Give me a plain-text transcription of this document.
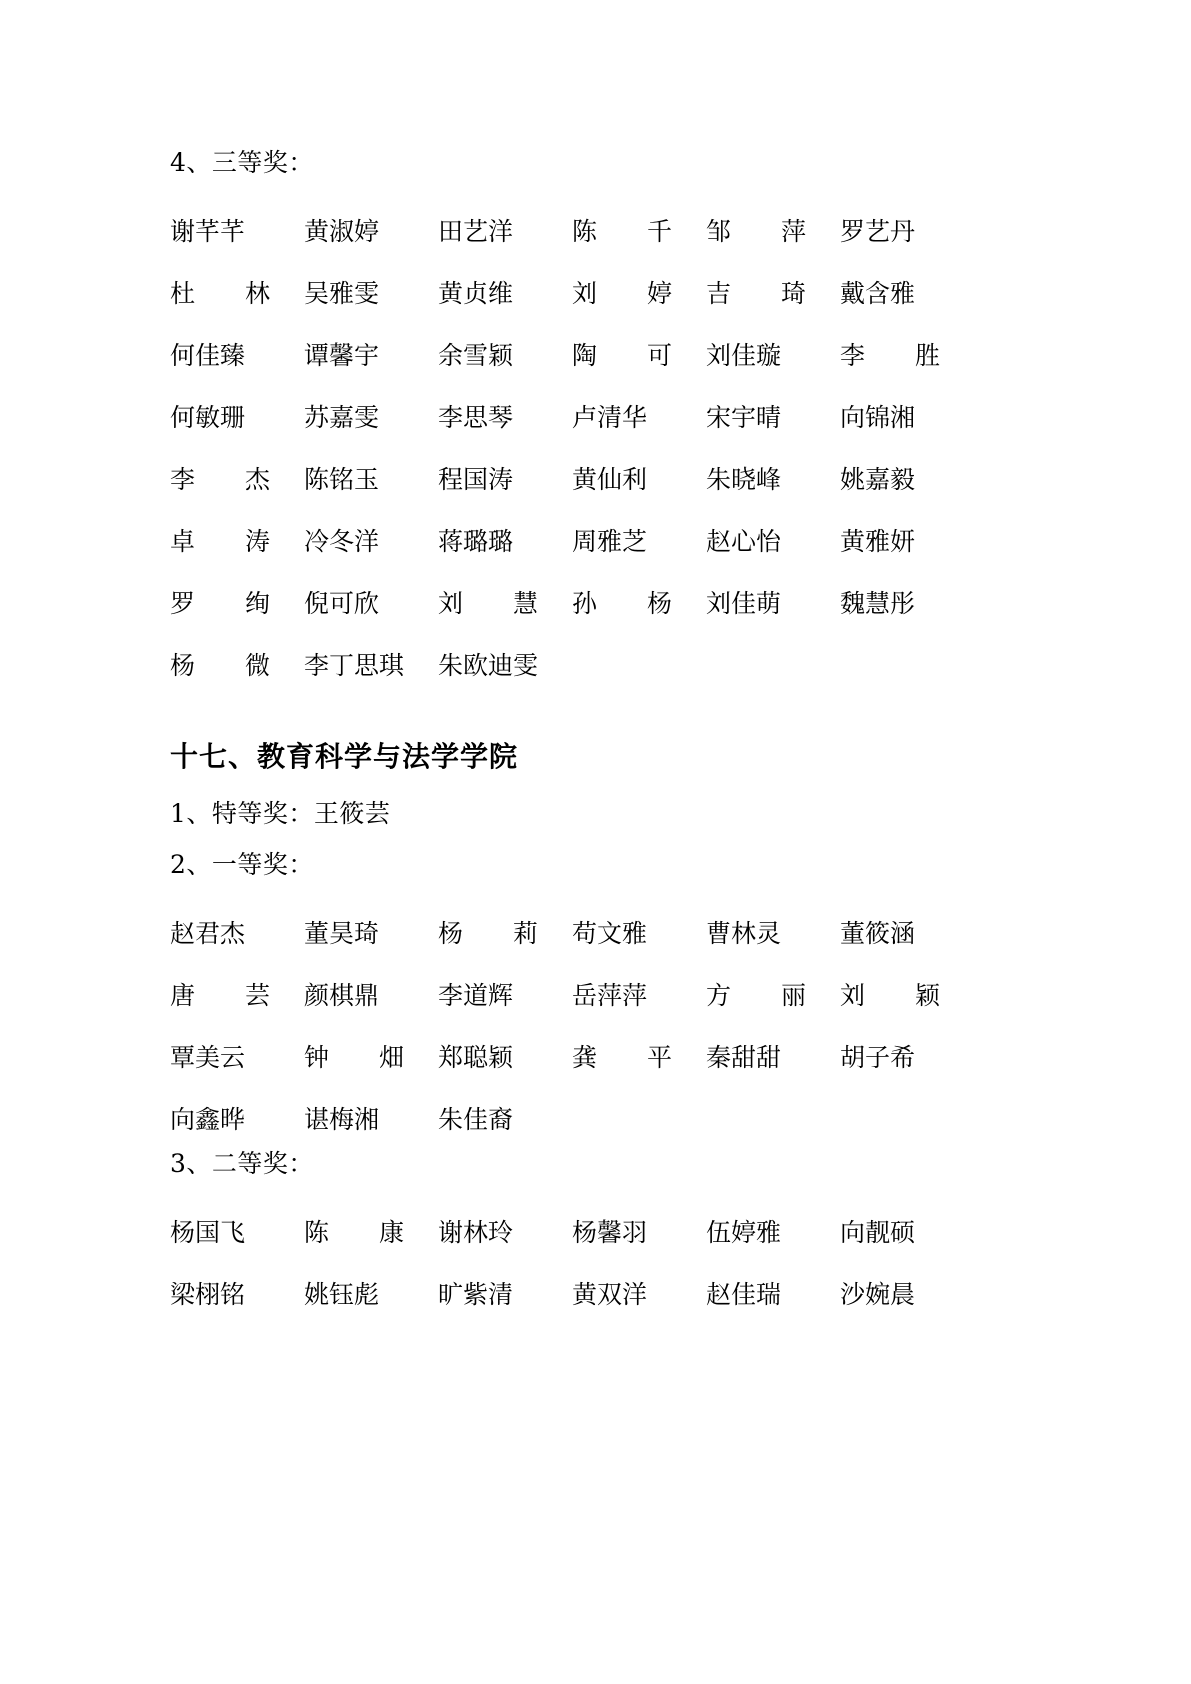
4、三等奖：
谢芊芊	黄淑婷	田艺洋	陈千	邹萍	罗艺丹
杜林	吴雅雯	黄贞维	刘婷	吉琦	戴含雅
何佳臻	谭馨宇	余雪颖	陶可	刘佳璇	李胜
何敏珊	苏嘉雯	李思琴	卢清华	宋宇晴	向锦湘
李杰	陈铭玉	程国涛	黄仙利	朱晓峰	姚嘉毅
卓涛	冷冬洋	蒋璐璐	周雅芝	赵心怡	黄雅妍
罗绚	倪可欣	刘慧	孙杨	刘佳萌	魏慧彤
杨微	李丁思琪	朱欧迪雯
十七、教育科学与法学学院
1、特等奖：王筱芸
2、一等奖：
赵君杰	董昊琦	杨莉	苟文雅	曹林灵	董筱涵
唐芸	颜棋鼎	李道辉	岳萍萍	方丽	刘颖
覃美云	钟畑	郑聪颖	龚平	秦甜甜	胡子希
向鑫晔	谌梅湘	朱佳裔
3、二等奖：
杨国飞	陈康	谢林玲	杨馨羽	伍婷雅	向靓硕
梁栩铭	姚钰彪	旷紫清	黄双洋	赵佳瑞	沙婉晨
